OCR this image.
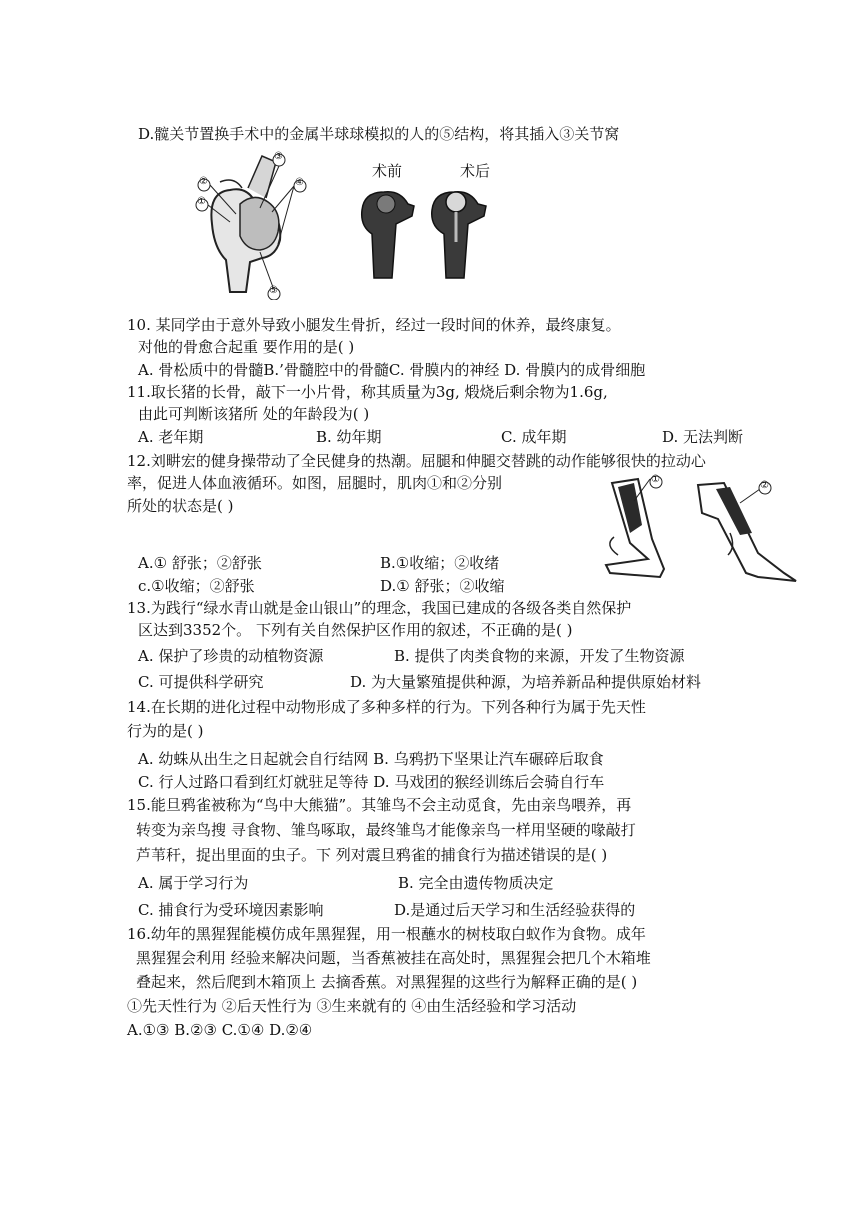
D.髋关节置换手术中的金属半球球模拟的人的⑤结构，将其插入③关节窝
②
①
③
④
⑤
术前	术后
10. 某同学由于意外导致小腿发生骨折，经过一段时间的休养，最终康复。
对他的骨愈合起重 要作用的是( )
A. 骨松质中的骨髓B.’骨髓腔中的骨髓C. 骨膜内的神经 D. 骨膜内的成骨细胞
11.取长猪的长骨，敲下一小片骨，称其质量为3g, 煅烧后剩余物为1.6g,
由此可判断该猪所 处的年龄段为( )
A. 老年期	B. 幼年期	C. 成年期	D. 无法判断
12.刘畊宏的健身操带动了全民健身的热潮。屈腿和伸腿交替跳的动作能够很快的拉动心
率，促进人体血液循环。如图，屈腿时，肌肉①和②分别
所处的状态是( )
①
②
A.① 舒张；②舒张	B.①收缩；②收绪
c.①收缩；②舒张	D.① 舒张；②收缩
13.为践行“绿水青山就是金山银山”的理念，我国已建成的各级各类自然保护
区达到3352个。 下列有关自然保护区作用的叙述，不正确的是( )
A. 保护了珍贵的动植物资源	B. 提供了肉类食物的来源，开发了生物资源
C. 可提供科学研究	D. 为大量繁殖提供种源，为培养新品种提供原始材料
14.在长期的进化过程中动物形成了多种多样的行为。下列各种行为属于先天性
行为的是( )
A. 幼蛛从出生之日起就会自行结网 B. 乌鸦扔下坚果让汽车碾碎后取食
C. 行人过路口看到红灯就驻足等待 D. 马戏团的猴经训练后会骑自行车
15.能旦鸦雀被称为“鸟中大熊猫”。其雏鸟不会主动觅食，先由亲鸟喂养，再
转变为亲鸟搜 寻食物、雏鸟啄取，最终雏鸟才能像亲鸟一样用坚硬的喙敲打
芦苇秆，捉出里面的虫子。下 列对震旦鸦雀的捕食行为描述错误的是( )
A. 属于学习行为	B. 完全由遗传物质决定
C. 捕食行为受环境因素影响	D.是通过后天学习和生活经验获得的
16.幼年的黑猩猩能模仿成年黑猩猩，用一根蘸水的树枝取白蚁作为食物。成年
黑猩猩会利用 经验来解决问题，当香蕉被挂在高处时，黑猩猩会把几个木箱堆
叠起来，然后爬到木箱顶上 去摘香蕉。对黑猩猩的这些行为解释正确的是( )
①先天性行为 ②后天性行为 ③生来就有的 ④由生活经验和学习活动
A.①③ B.②③ C.①④ D.②④
